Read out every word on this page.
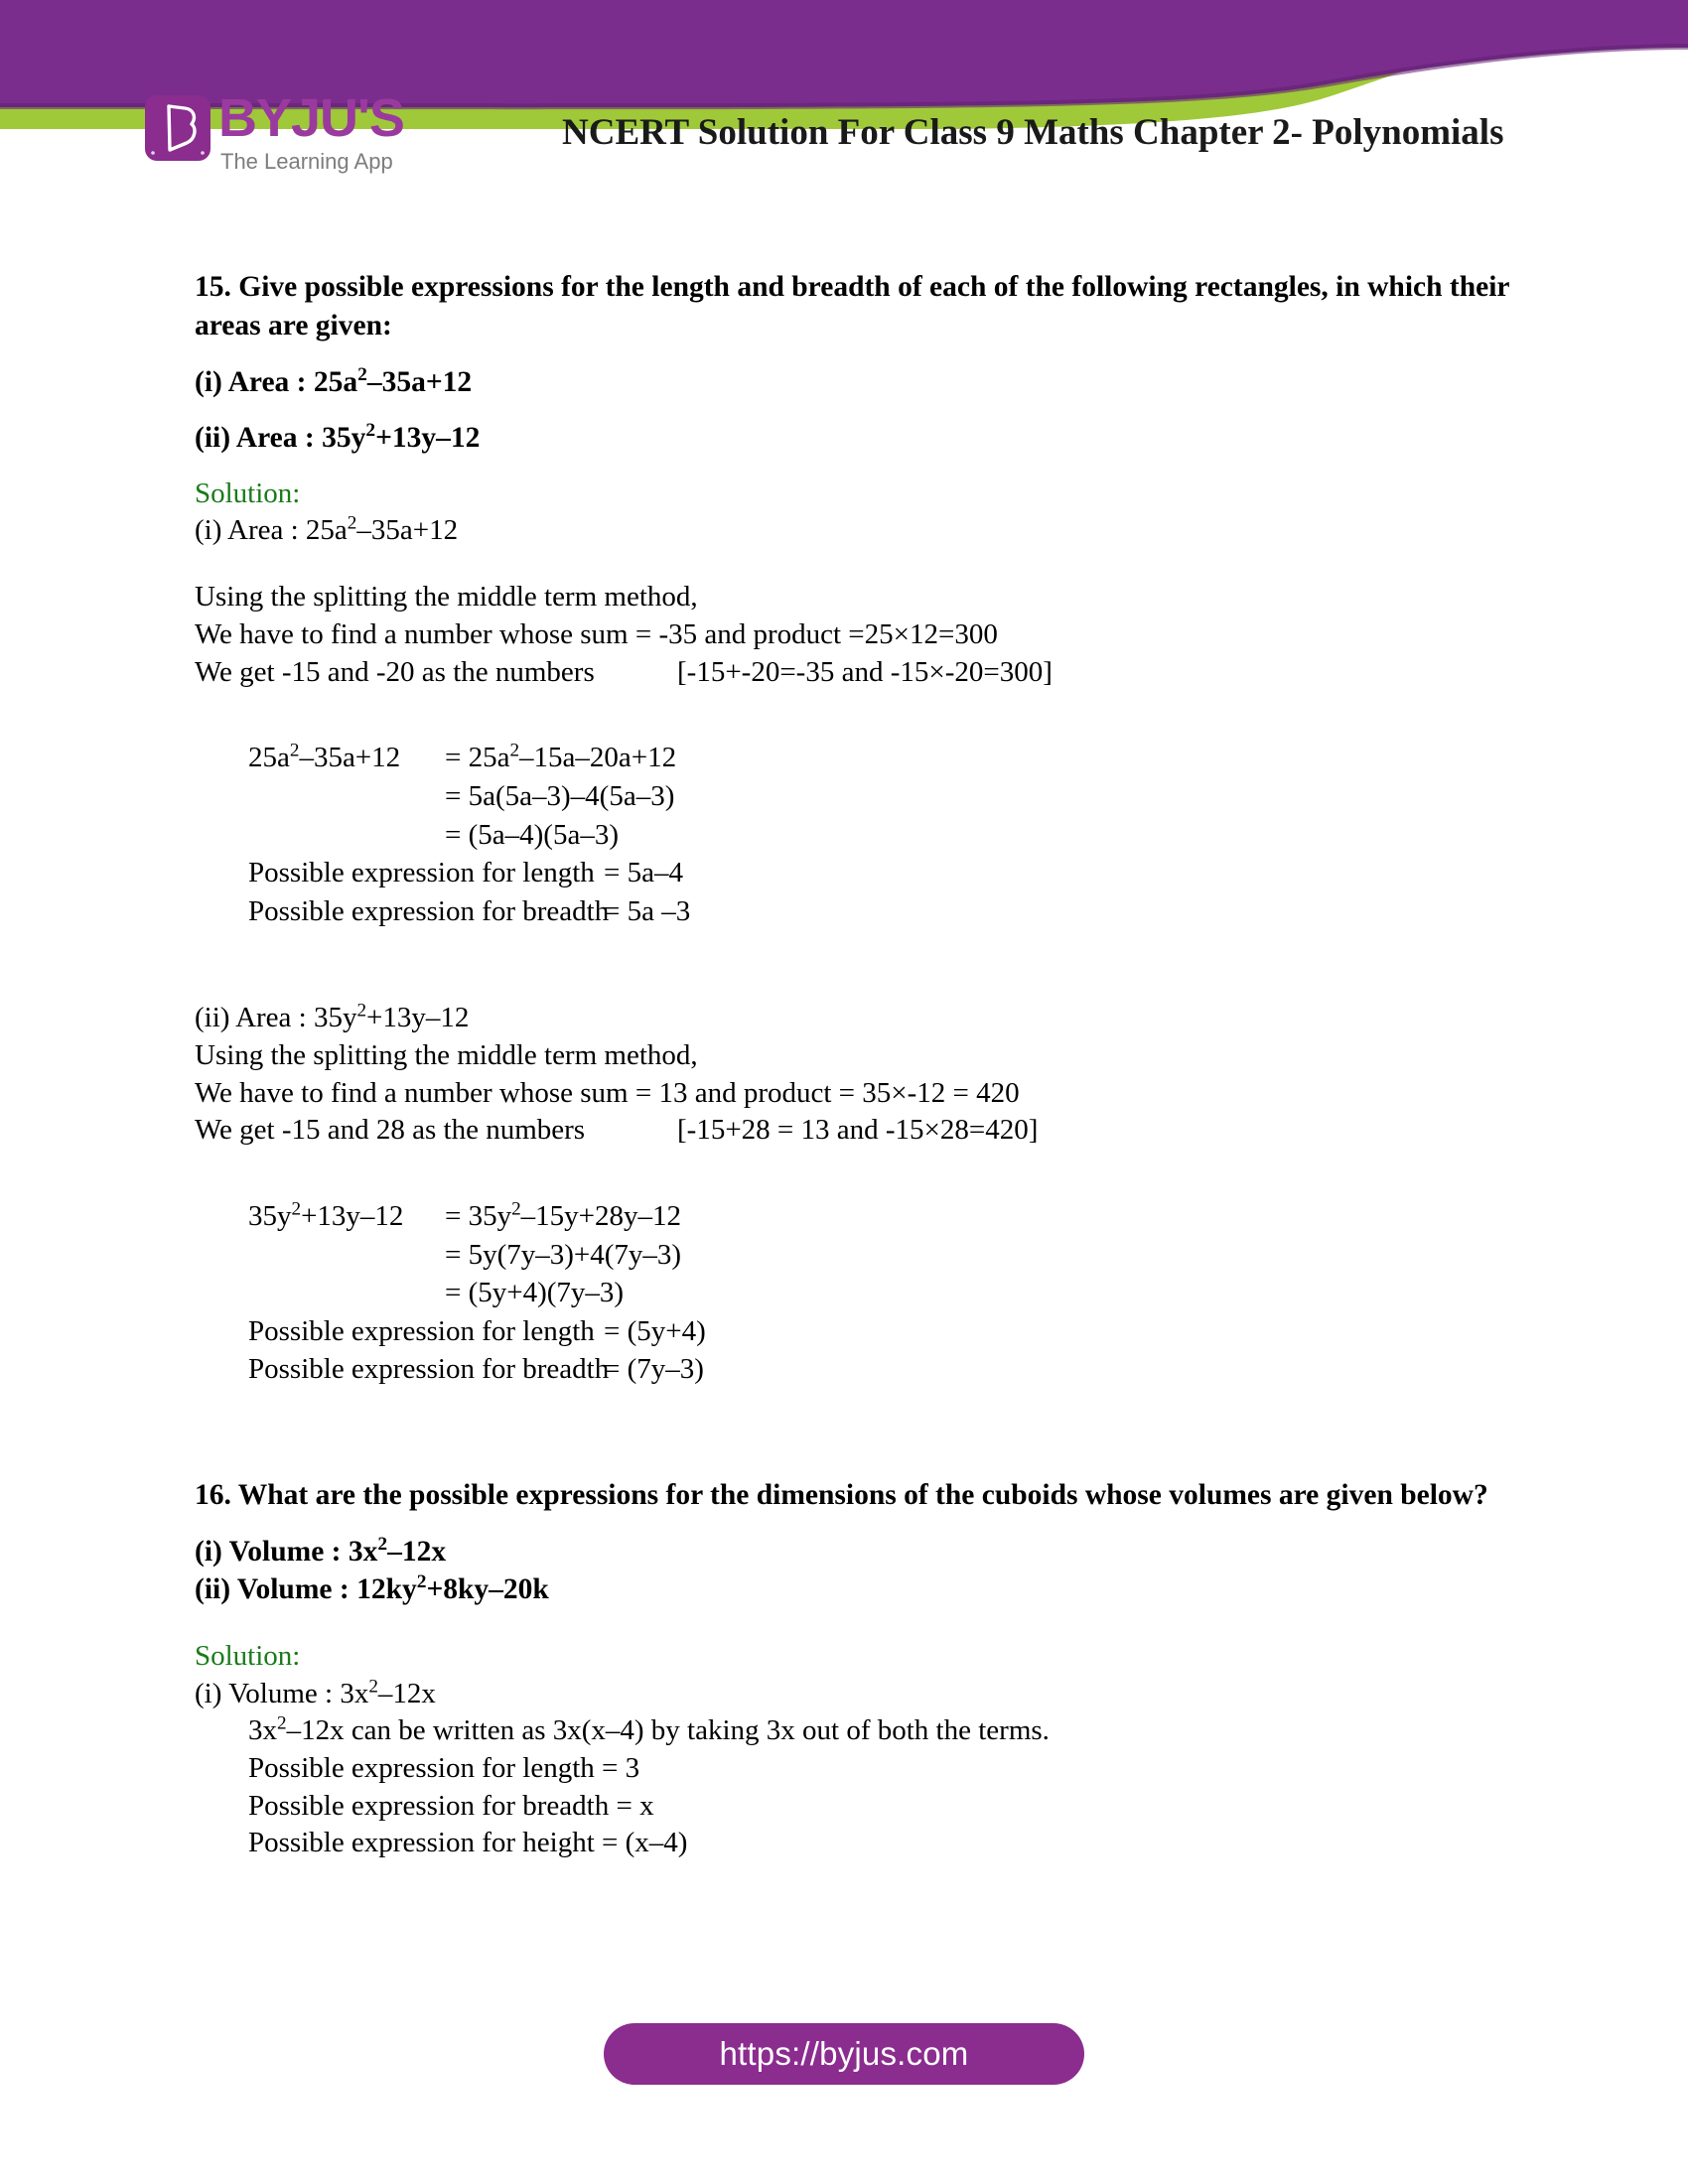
BYJU'S
The Learning App
NCERT Solution For Class 9 Maths Chapter 2- Polynomials
15. Give possible expressions for the length and breadth of each of the following rectangles, in which their areas are given:
(i) Area : $25a^2-35a+12$
(ii) Area : $35y^2+13y-12$
Solution:
(i) Area : $25a^2-35a+12$
Using the splitting the middle term method,
We have to find a number whose sum = -35 and product =25×12=300
We get -15 and -20 as the numbers	[-15+-20=-35 and -15×-20=300]
$25a^2-35a+12$	= $25a^2-15a-20a+12$
= 5a(5a–3)–4(5a–3)
= (5a–4)(5a–3)
Possible expression for length = 5a–4
Possible expression for breadth
= 5a –3
(ii) Area : $35y^2+13y-12$
Using the splitting the middle term method,
We have to find a number whose sum = 13 and product = 35×-12 = 420
We get -15 and 28 as the numbers	[-15+28 = 13 and -15×28=420]
$35y^2+13y-12$	= $35y^2-15y+28y-12$
= 5y(7y–3)+4(7y–3)
= (5y+4)(7y–3)
Possible expression for length = (5y+4)
Possible expression for breadth
= (7y–3)
16. What are the possible expressions for the dimensions of the cuboids whose volumes are given below?
(i) Volume : $3x^2-12x$
(ii) Volume : $12ky^2+8ky-20k$
Solution:
(i) Volume : $3x^2-12x$
$3x^2-12x$ can be written as 3x(x–4) by taking 3x out of both the terms.
Possible expression for length = 3
Possible expression for breadth = x
Possible expression for height = (x–4)
https://byjus.com
